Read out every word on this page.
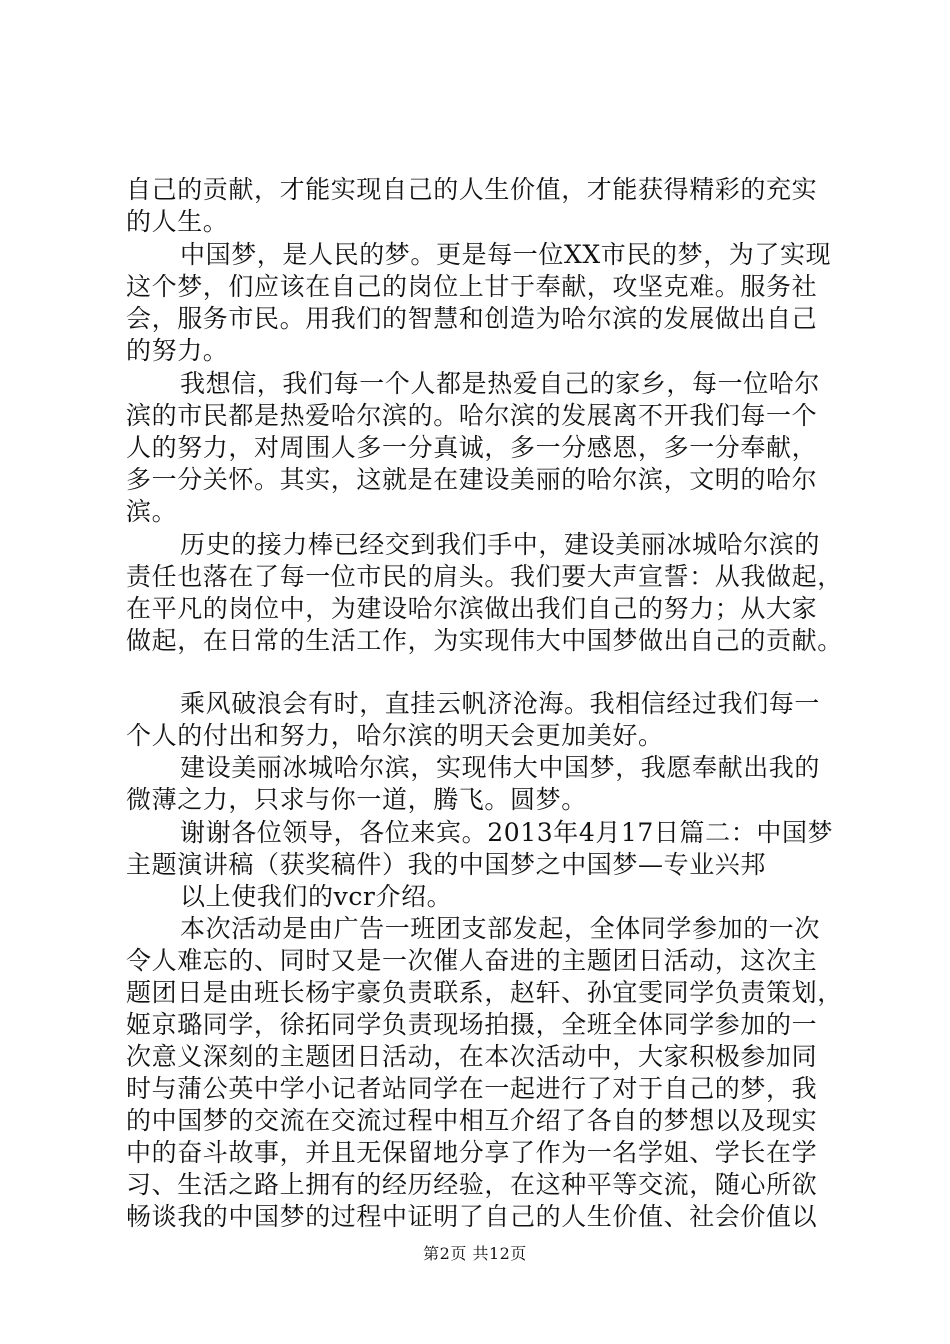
自己的贡献，才能实现自己的人生价值，才能获得精彩的充实
的人生。
中国梦，是人民的梦。更是每一位XX市民的梦，为了实现
这个梦，们应该在自己的岗位上甘于奉献，攻坚克难。服务社
会，服务市民。用我们的智慧和创造为哈尔滨的发展做出自己
的努力。
我想信，我们每一个人都是热爱自己的家乡，每一位哈尔
滨的市民都是热爱哈尔滨的。哈尔滨的发展离不开我们每一个
人的努力，对周围人多一分真诚，多一分感恩，多一分奉献，
多一分关怀。其实，这就是在建设美丽的哈尔滨，文明的哈尔
滨。
历史的接力棒已经交到我们手中，建设美丽冰城哈尔滨的
责任也落在了每一位市民的肩头。我们要大声宣誓：从我做起，
在平凡的岗位中，为建设哈尔滨做出我们自己的努力；从大家
做起，在日常的生活工作，为实现伟大中国梦做出自己的贡献。
乘风破浪会有时，直挂云帆济沧海。我相信经过我们每一
个人的付出和努力，哈尔滨的明天会更加美好。
建设美丽冰城哈尔滨，实现伟大中国梦，我愿奉献出我的
微薄之力，只求与你一道，腾飞。圆梦。
谢谢各位领导，各位来宾。2013年4月17日篇二：中国梦
主题演讲稿（获奖稿件）我的中国梦之中国梦—专业兴邦
以上使我们的vcr介绍。
本次活动是由广告一班团支部发起，全体同学参加的一次
令人难忘的、同时又是一次催人奋进的主题团日活动，这次主
题团日是由班长杨宇豪负责联系，赵轩、孙宜雯同学负责策划，
姬京璐同学，徐拓同学负责现场拍摄，全班全体同学参加的一
次意义深刻的主题团日活动，在本次活动中，大家积极参加同
时与蒲公英中学小记者站同学在一起进行了对于自己的梦，我
的中国梦的交流在交流过程中相互介绍了各自的梦想以及现实
中的奋斗故事，并且无保留地分享了作为一名学姐、学长在学
习、生活之路上拥有的经历经验，在这种平等交流，随心所欲
畅谈我的中国梦的过程中证明了自己的人生价值、社会价值以
第2页 共12页
